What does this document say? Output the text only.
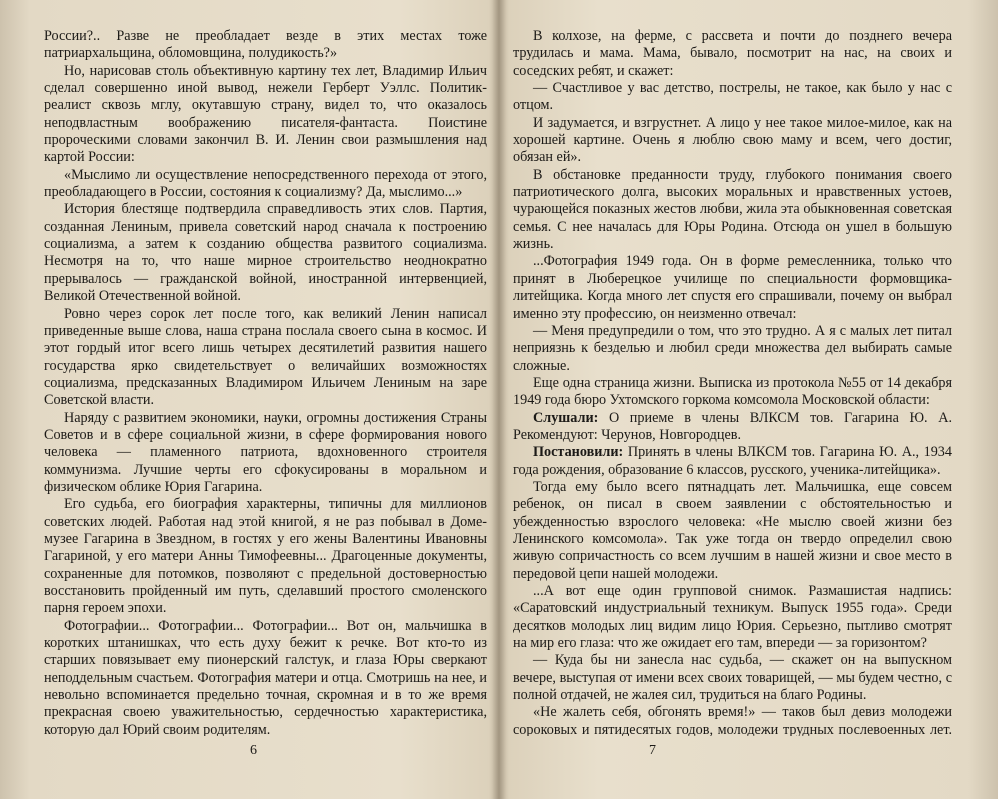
России?.. Разве не преобладает везде в этих местах тоже патриархальщина, обломовщина, полудикость?»

Но, нарисовав столь объективную картину тех лет, Владимир Ильич сделал совершенно иной вывод, нежели Герберт Уэллс. Политик-реалист сквозь мглу, окутавшую страну, видел то, что оказалось неподвластным воображению писателя-фантаста. Поистине пророческими словами закончил В. И. Ленин свои размышления над картой России:

«Мыслимо ли осуществление непосредственного перехода от этого, преобладающего в России, состояния к социализму? Да, мыслимо...»

История блестяще подтвердила справедливость этих слов. Партия, созданная Лениным, привела советский народ сначала к построению социализма, а затем к созданию общества развитого социализма. Несмотря на то, что наше мирное строительство неоднократно прерывалось — гражданской войной, иностранной интервенцией, Великой Отечественной войной.

Ровно через сорок лет после того, как великий Ленин написал приведенные выше слова, наша страна послала своего сына в космос. И этот гордый итог всего лишь четырех десятилетий развития нашего государства ярко свидетельствует о величайших возможностях социализма, предсказанных Владимиром Ильичем Лениным на заре Советской власти.

Наряду с развитием экономики, науки, огромны достижения Страны Советов и в сфере социальной жизни, в сфере формирования нового человека — пламенного патриота, вдохновенного строителя коммунизма. Лучшие черты его сфокусированы в моральном и физическом облике Юрия Гагарина.

Его судьба, его биография характерны, типичны для миллионов советских людей. Работая над этой книгой, я не раз побывал в Доме-музее Гагарина в Звездном, в гостях у его жены Валентины Ивановны Гагариной, у его матери Анны Тимофеевны... Драгоценные документы, сохраненные для потомков, позволяют с предельной достоверностью восстановить пройденный им путь, сделавший простого смоленского парня героем эпохи.

Фотографии... Фотографии... Фотографии... Вот он, мальчишка в коротких штанишках, что есть духу бежит к речке. Вот кто-то из старших повязывает ему пионерский галстук, и глаза Юры сверкают неподдельным счастьем. Фотография матери и отца. Смотришь на нее, и невольно вспоминается предельно точная, скромная и в то же время прекрасная своею уважительностью, сердечностью характеристика, которую дал Юрий своим родителям.

6

В колхозе, на ферме, с рассвета и почти до позднего вечера трудилась и мама. Мама, бывало, посмотрит на нас, на своих и соседских ребят, и скажет:

— Счастливое у вас детство, пострелы, не такое, как было у нас с отцом.

И задумается, и взгрустнет. А лицо у нее такое милое-милое, как на хорошей картине. Очень я люблю свою маму и всем, чего достиг, обязан ей».

В обстановке преданности труду, глубокого понимания своего патриотического долга, высоких моральных и нравственных устоев, чурающейся показных жестов любви, жила эта обыкновенная советская семья. С нее началась для Юры Родина. Отсюда он ушел в большую жизнь.

...Фотография 1949 года. Он в форме ремесленника, только что принят в Люберецкое училище по специальности формовщика-литейщика. Когда много лет спустя его спрашивали, почему он выбрал именно эту профессию, он неизменно отвечал:

— Меня предупредили о том, что это трудно. А я с малых лет питал неприязнь к безделью и любил среди множества дел выбирать самые сложные.

Еще одна страница жизни. Выписка из протокола №55 от 14 декабря 1949 года бюро Ухтомского горкома комсомола Московской области:

Слушали: О приеме в члены ВЛКСМ тов. Гагарина Ю. А. Рекомендуют: Черунов, Новгородцев.

Постановили: Принять в члены ВЛКСМ тов. Гагарина Ю. А., 1934 года рождения, образование 6 классов, русского, ученика-литейщика».

Тогда ему было всего пятнадцать лет. Мальчишка, еще совсем ребенок, он писал в своем заявлении с обстоятельностью и убежденностью взрослого человека: «Не мыслю своей жизни без Ленинского комсомола». Так уже тогда он твердо определил свою живую сопричастность со всем лучшим в нашей жизни и свое место в передовой цепи нашей молодежи.

...А вот еще один групповой снимок. Размашистая надпись: «Саратовский индустриальный техникум. Выпуск 1955 года». Среди десятков молодых лиц видим лицо Юрия. Серьезно, пытливо смотрят на мир его глаза: что же ожидает его там, впереди — за горизонтом?

— Куда бы ни занесла нас судьба, — скажет он на выпускном вечере, выступая от имени всех своих товарищей, — мы будем честно, с полной отдачей, не жалея сил, трудиться на благо Родины.

«Не жалеть себя, обгонять время!» — таков был девиз молодежи сороковых и пятидесятых годов, молодежи трудных послевоенных лет.

7
